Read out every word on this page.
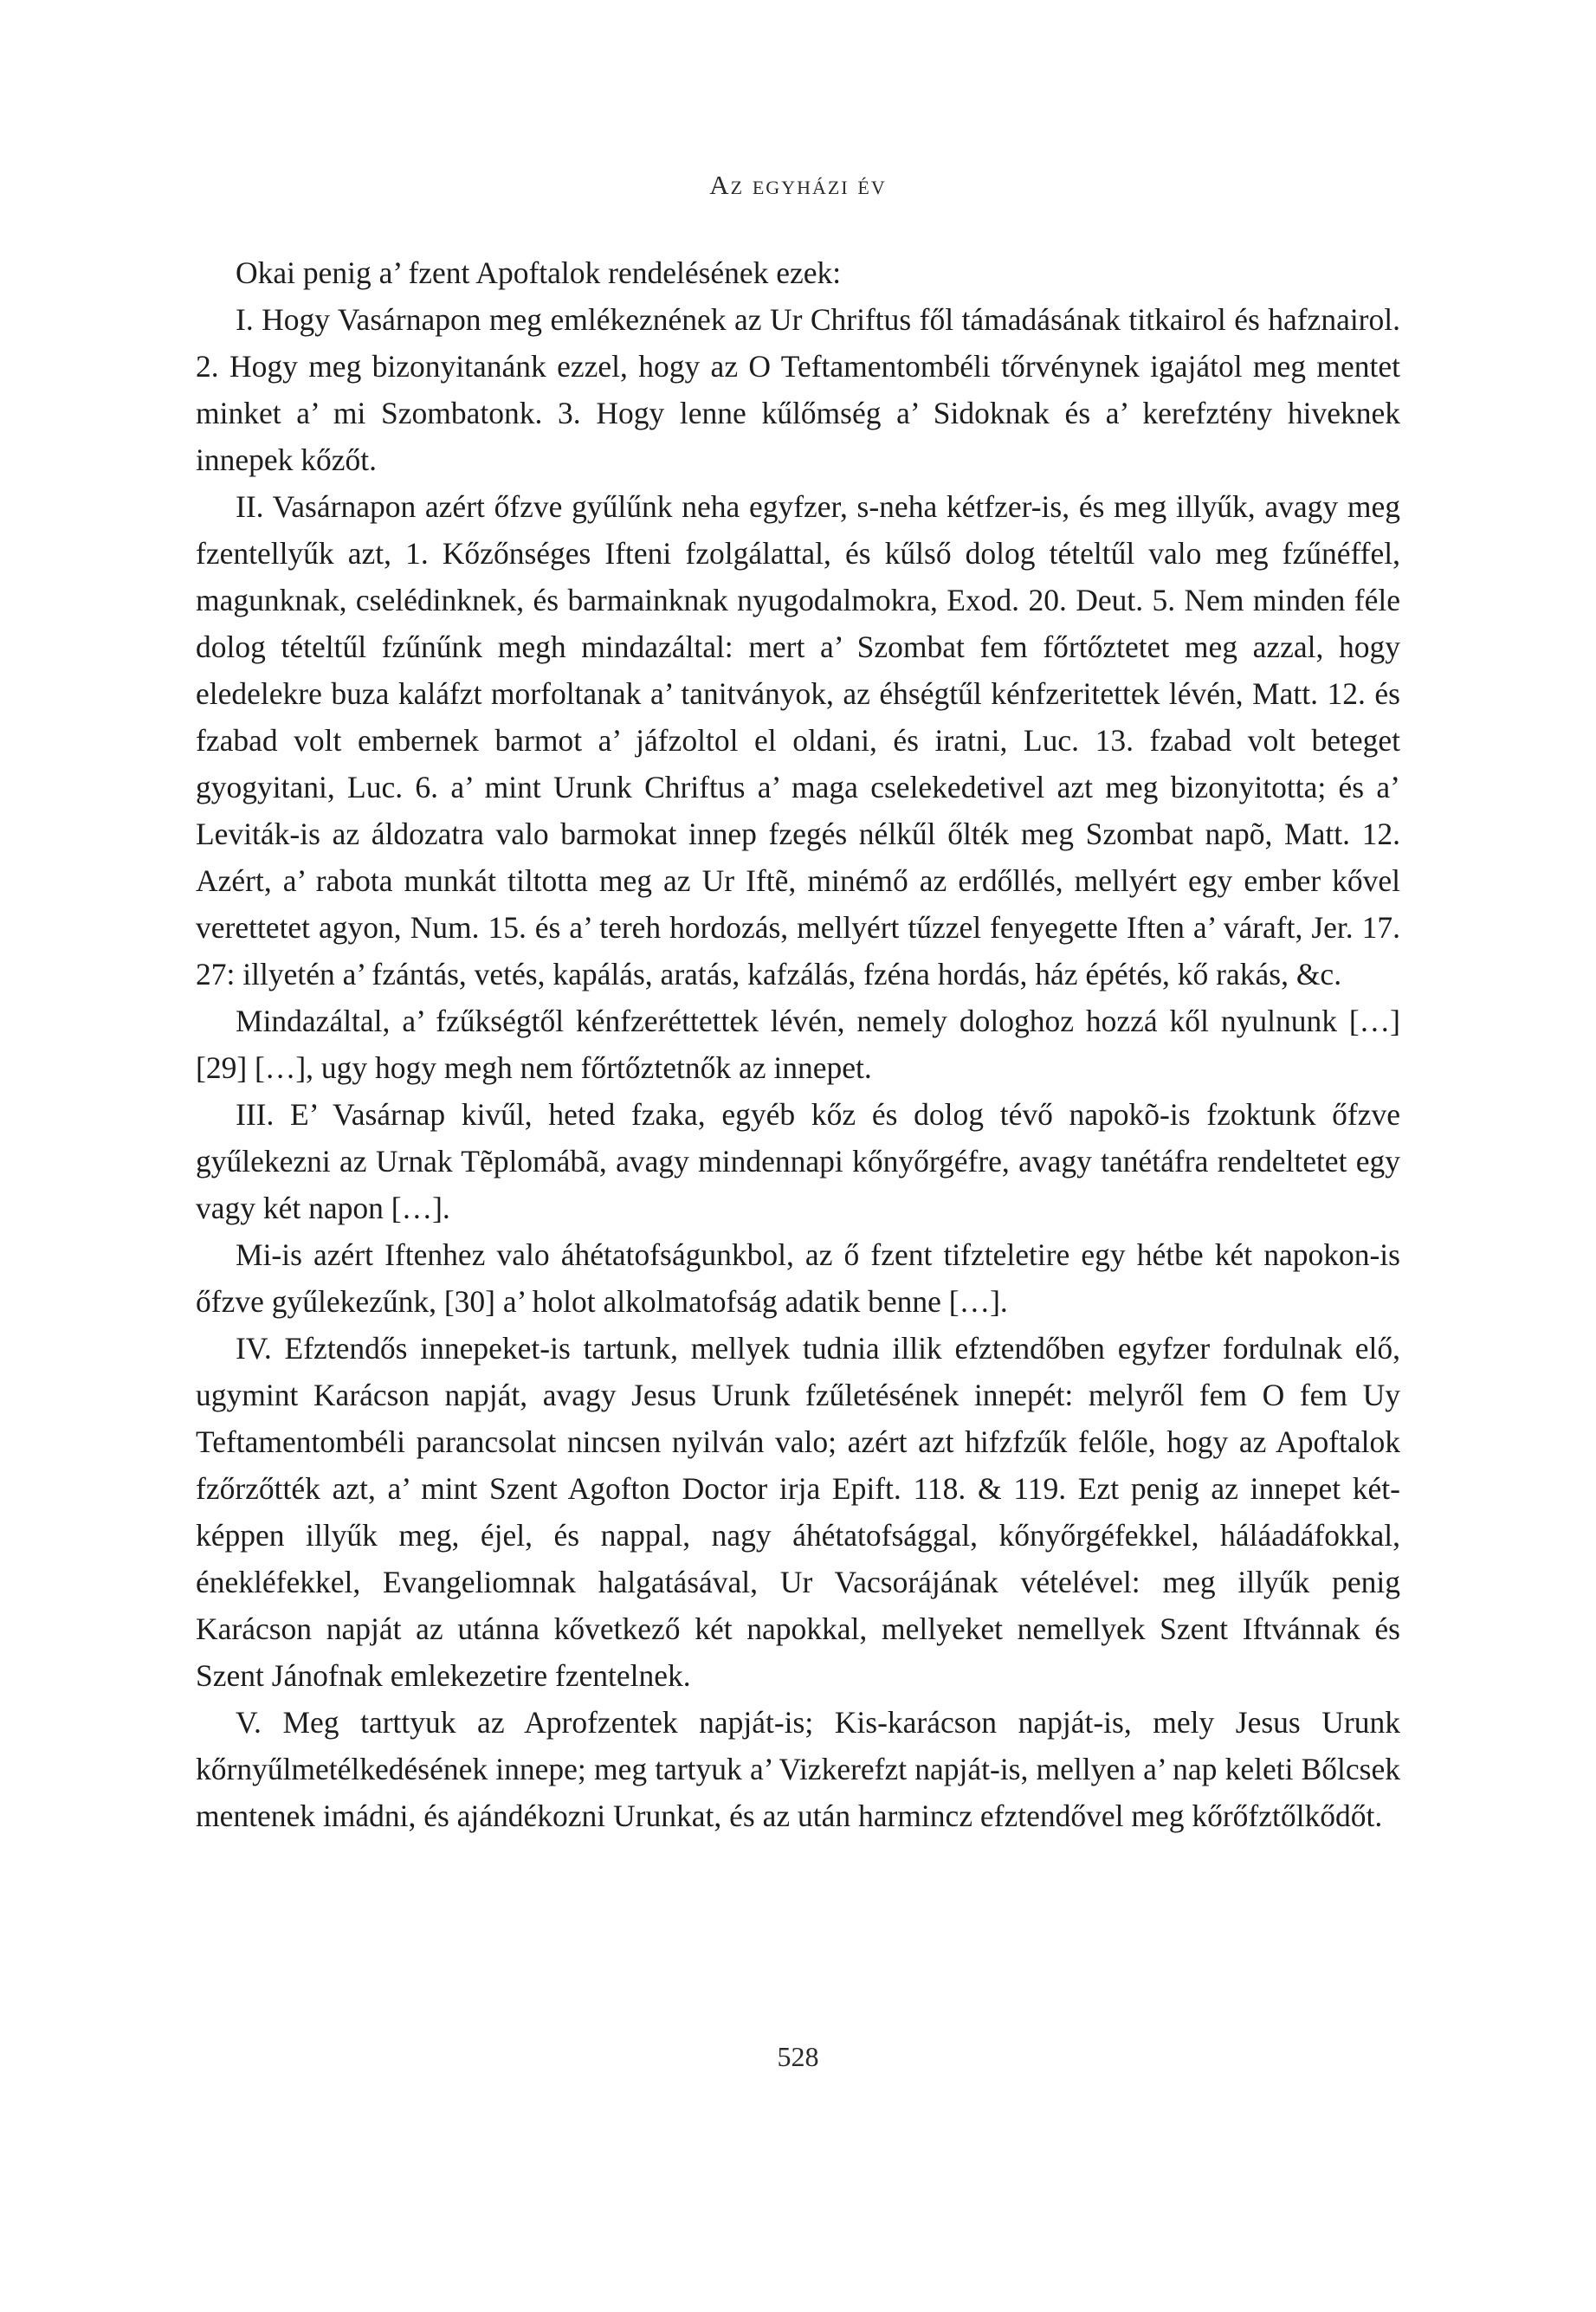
Az egyházi év

Okai penig a’ fzent Apoftalok rendelésének ezek:

I. Hogy Vasárnapon meg emlékeznének az Ur Chriftus fől támadásának titkairol és hafznairol. 2. Hogy meg bizonyitanánk ezzel, hogy az O Teftamentombéli tőrvénynek igajátol meg mentet minket a’ mi Szombatonk. 3. Hogy lenne kűlőmség a’ Sidoknak és a’ kerefztény hiveknek innepek kőzőt.

II. Vasárnapon azért őfzve gyűlűnk neha egyfzer, s-neha kétfzer-is, és meg illyűk, avagy meg fzentellyűk azt, 1. Kőzőnséges Ifteni fzolgálattal, és kűlső dolog tételtűl valo meg fzűnéffel, magunknak, cselédinknek, és barmainknak nyugodalmokra, Exod. 20. Deut. 5. Nem minden féle dolog tételtűl fzűnűnk megh mindazáltal: mert a’ Szombat fem főrtőztetet meg azzal, hogy eledelekre buza kaláfzt morfoltanak a’ tanitványok, az éhségtűl kénfzeritettek lévén, Matt. 12. és fzabad volt embernek barmot a’ jáfzoltol el oldani, és iratni, Luc. 13. fzabad volt beteget gyogyitani, Luc. 6. a’ mint Urunk Chriftus a’ maga cselekedetivel azt meg bizonyitotta; és a’ Leviták-is az áldozatra valo barmokat innep fzegés nélkűl őlték meg Szombat napõ, Matt. 12. Azért, a’ rabota munkát tiltotta meg az Ur Iftẽ, minémő az erdőllés, mellyért egy ember kővel verettetet agyon, Num. 15. és a’ tereh hordozás, mellyért tűzzel fenyegette Iften a’ váraft, Jer. 17. 27: illyetén a’ fzántás, vetés, kapálás, aratás, kafzálás, fzéna hordás, ház épétés, kő rakás, &c.

Mindazáltal, a’ fzűkségtől kénfzeréttettek lévén, nemely dologhoz hozzá kől nyulnunk […] [29] […], ugy hogy megh nem főrtőztetnők az innepet.

III. E’ Vasárnap kivűl, heted fzaka, egyéb kőz és dolog tévő napokõ-is fzoktunk őfzve gyűlekezni az Urnak Tẽplomábã, avagy mindennapi kőnyőrgéfre, avagy tanétáfra rendeltetet egy vagy két napon […].

Mi-is azért Iftenhez valo áhétatofságunkbol, az ő fzent tifzteletire egy hétbe két napokon-is őfzve gyűlekezűnk, [30] a’ holot alkolmatofság adatik benne […].

IV. Efztendős innepeket-is tartunk, mellyek tudnia illik efztendőben egyfzer fordulnak elő, ugymint Karácson napját, avagy Jesus Urunk fzűletésének innepét: melyről fem O fem Uy Teftamentombéli parancsolat nincsen nyilván valo; azért azt hifzfzűk felőle, hogy az Apoftalok fzőrzőtték azt, a’ mint Szent Agofton Doctor irja Epift. 118. & 119. Ezt penig az innepet két-képpen illyűk meg, éjel, és nappal, nagy áhétatofsággal, kőnyőrgéfekkel, háláadáfokkal, énekléfekkel, Evangeliomnak halgatásával, Ur Vacsorájának vételével: meg illyűk penig Karácson napját az utánna kővetkező két napokkal, mellyeket nemellyek Szent Iftvánnak és Szent Jánofnak emlekezetire fzentelnek.

V. Meg tarttyuk az Aprofzentek napját-is; Kis-karácson napját-is, mely Jesus Urunk kőrnyűlmetélkedésének innepe; meg tartyuk a’ Vizkerefzt napját-is, mellyen a’ nap keleti Bőlcsek mentenek imádni, és ajándékozni Urunkat, és az után harmincz efztendővel meg kőrőfztőlkődőt.

528
